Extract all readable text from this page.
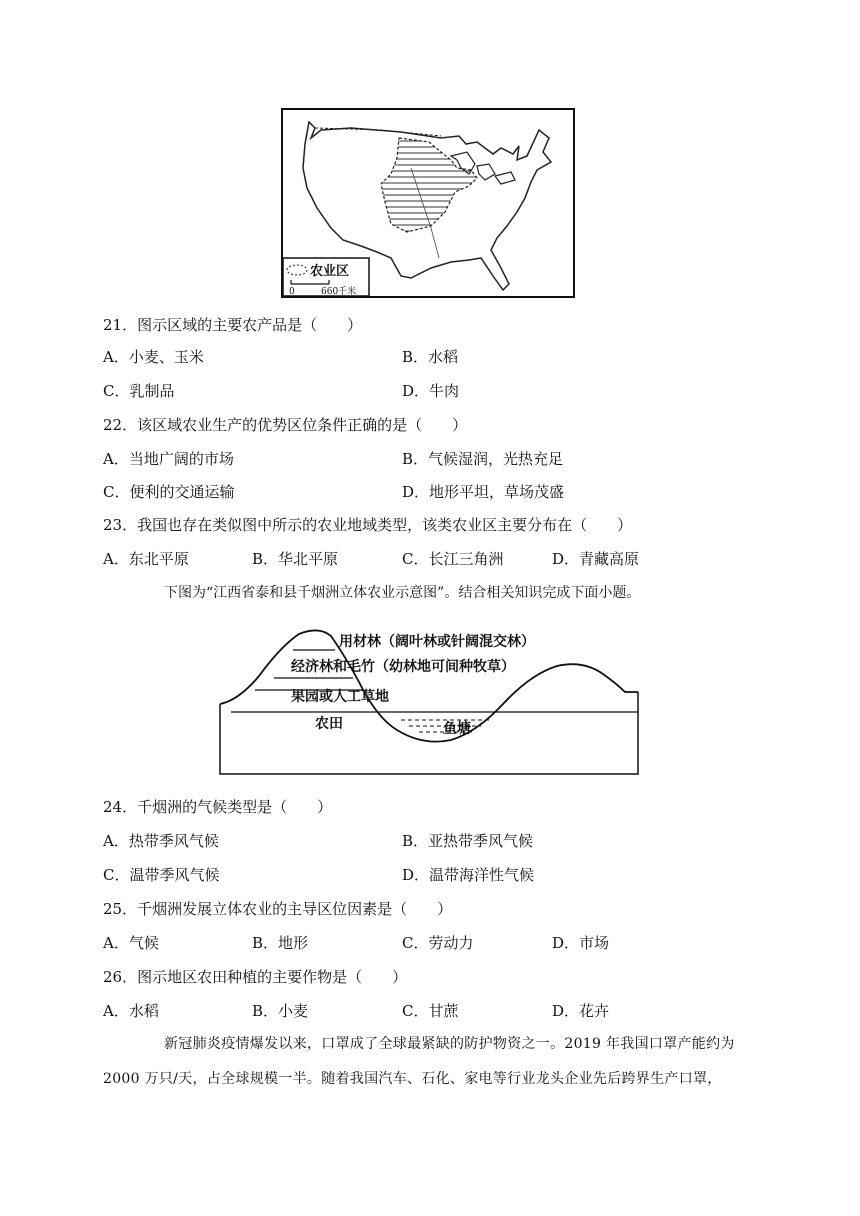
农业区
0	660千米
21．图示区域的主要农产品是（　　）
A．小麦、玉米	B．水稻
C．乳制品	D．牛肉
22．该区域农业生产的优势区位条件正确的是（　　）
A．当地广阔的市场	B．气候湿润，光热充足
C．便利的交通运输	D．地形平坦，草场茂盛
23．我国也存在类似图中所示的农业地域类型，该类农业区主要分布在（　　）
A．东北平原	B．华北平原	C．长江三角洲	D．青藏高原
下图为“江西省泰和县千烟洲立体农业示意图”。结合相关知识完成下面小题。
用材林（阔叶林或针阔混交林）
经济林和毛竹（幼林地可间种牧草）
果园或人工草地
农田	鱼塘
24．千烟洲的气候类型是（　　）
A．热带季风气候	B．亚热带季风气候
C．温带季风气候	D．温带海洋性气候
25．千烟洲发展立体农业的主导区位因素是（　　）
A．气候	B．地形	C．劳动力	D．市场
26．图示地区农田种植的主要作物是（　　）
A．水稻	B．小麦	C．甘蔗	D．花卉
新冠肺炎疫情爆发以来，口罩成了全球最紧缺的防护物资之一。2019 年我国口罩产能约为
2000 万只/天，占全球规模一半。随着我国汽车、石化、家电等行业龙头企业先后跨界生产口罩，
